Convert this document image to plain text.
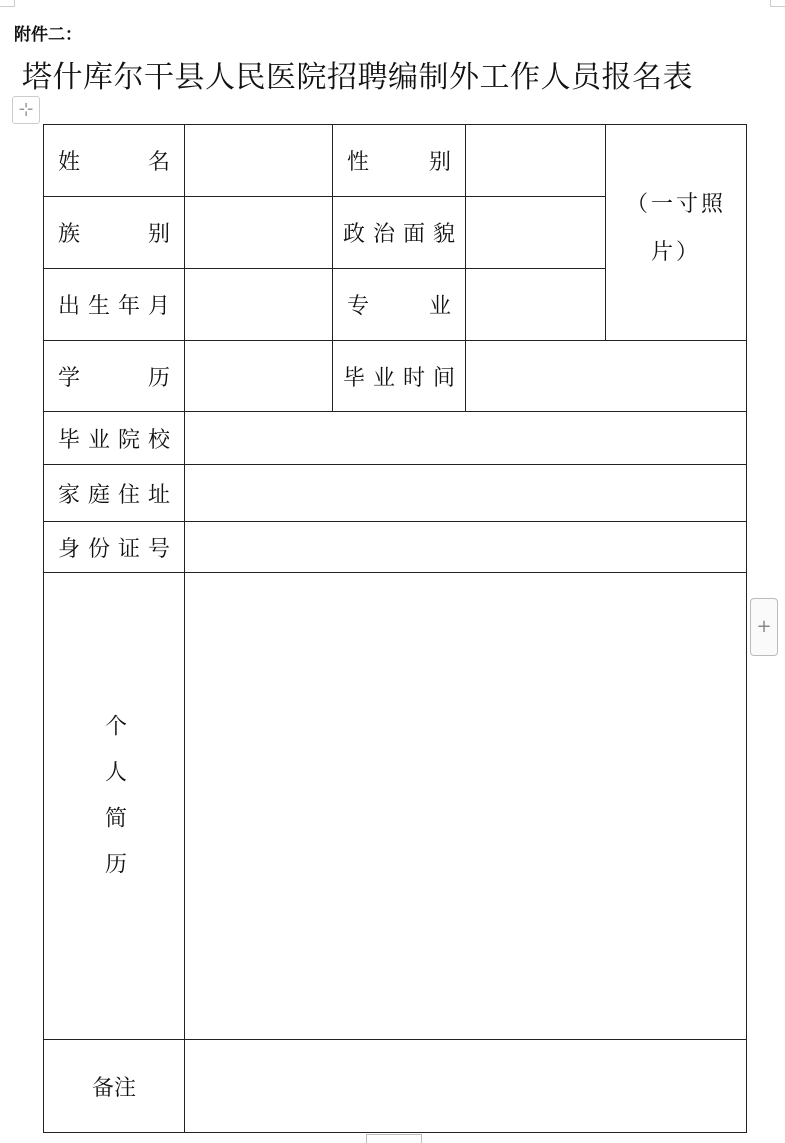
附件二：
塔什库尔干县人民医院招聘编制外工作人员报名表
⊹
姓名	性别
（一寸照片）
族别	政治面貌
出生年月	专业
学历	毕业时间
毕业院校
家庭住址
身份证号
个人简历
备注
+
